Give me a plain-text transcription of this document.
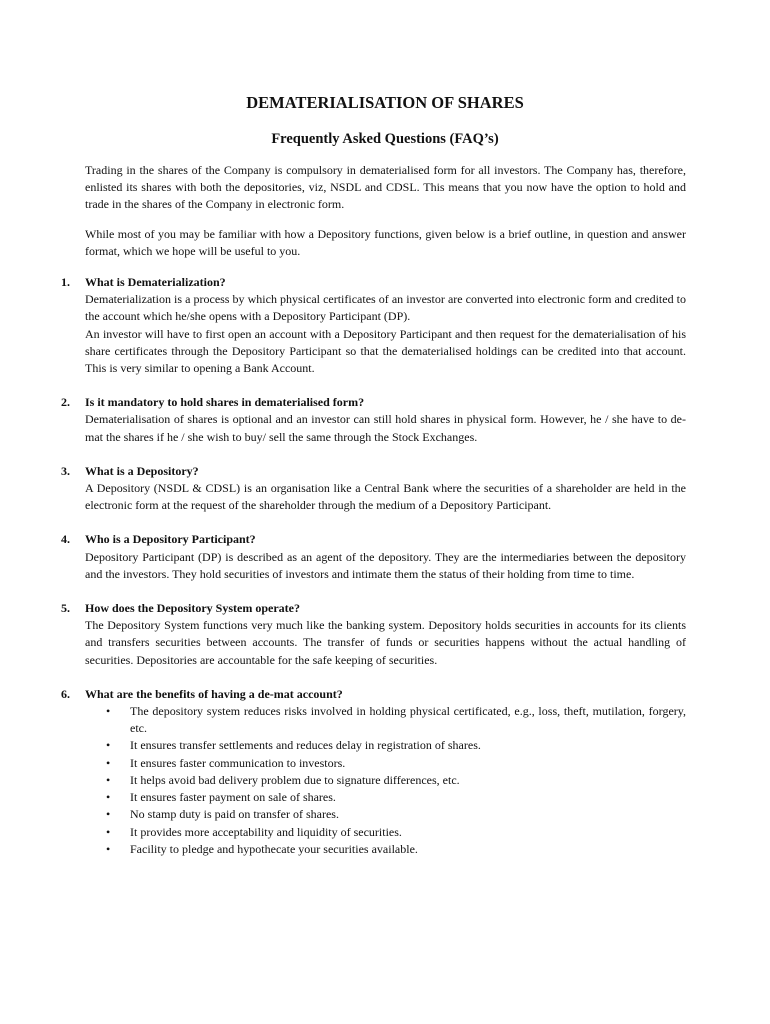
DEMATERIALISATION OF SHARES
Frequently Asked Questions (FAQ’s)

Trading in the shares of the Company is compulsory in dematerialised form for all investors. The Company has, therefore, enlisted its shares with both the depositories, viz, NSDL and CDSL. This means that you now have the option to hold and trade in the shares of the Company in electronic form.

While most of you may be familiar with how a Depository functions, given below is a brief outline, in question and answer format, which we hope will be useful to you.

1. What is Dematerialization?
Dematerialization is a process by which physical certificates of an investor are converted into electronic form and credited to the account which he/she opens with a Depository Participant (DP).
An investor will have to first open an account with a Depository Participant and then request for the dematerialisation of his share certificates through the Depository Participant so that the dematerialised holdings can be credited into that account. This is very similar to opening a Bank Account.
2. Is it mandatory to hold shares in dematerialised form?
Dematerialisation of shares is optional and an investor can still hold shares in physical form. However, he / she have to de-mat the shares if he / she wish to buy/ sell the same through the Stock Exchanges.
3. What is a Depository?
A Depository (NSDL & CDSL) is an organisation like a Central Bank where the securities of a shareholder are held in the electronic form at the request of the shareholder through the medium of a Depository Participant.
4. Who is a Depository Participant?
Depository Participant (DP) is described as an agent of the depository. They are the intermediaries between the depository and the investors. They hold securities of investors and intimate them the status of their holding from time to time.
5. How does the Depository System operate?
The Depository System functions very much like the banking system. Depository holds securities in accounts for its clients and transfers securities between accounts. The transfer of funds or securities happens without the actual handling of securities. Depositories are accountable for the safe keeping of securities.
6. What are the benefits of having a de-mat account?
• The depository system reduces risks involved in holding physical certificated, e.g., loss, theft, mutilation, forgery, etc.
• It ensures transfer settlements and reduces delay in registration of shares.
• It ensures faster communication to investors.
• It helps avoid bad delivery problem due to signature differences, etc.
• It ensures faster payment on sale of shares.
• No stamp duty is paid on transfer of shares.
• It provides more acceptability and liquidity of securities.
• Facility to pledge and hypothecate your securities available.
